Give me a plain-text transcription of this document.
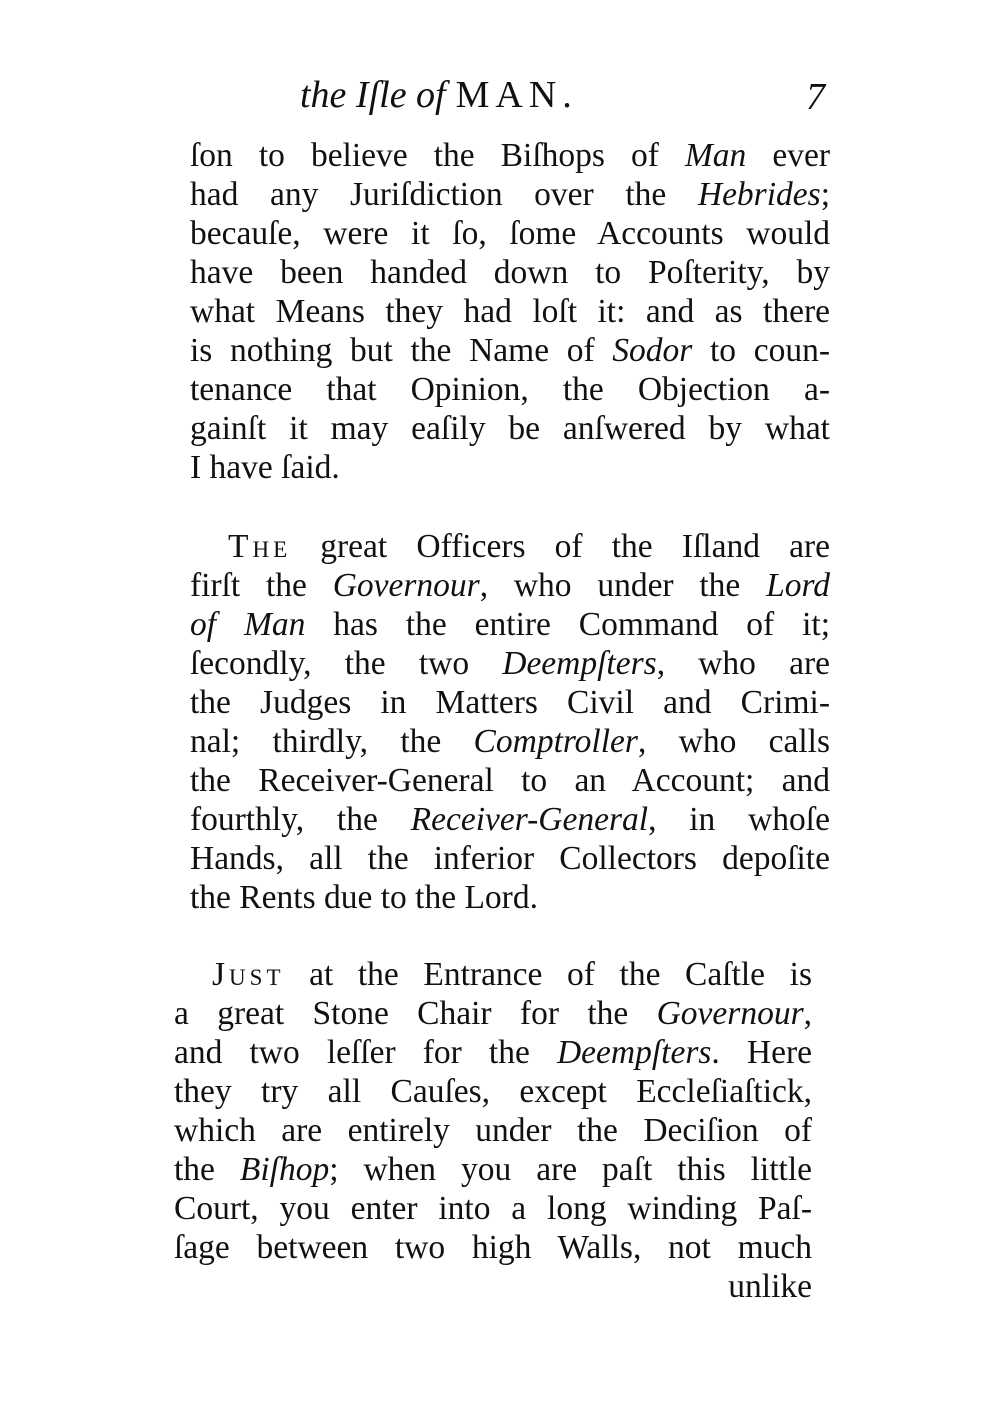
the Iſle of MAN.	7
ſon to believe the Biſhops of Man ever
had any Juriſdiction over the Hebrides;
becauſe, were it ſo, ſome Accounts would
have been handed down to Poſterity, by
what Means they had loſt it: and as there
is nothing but the Name of Sodor to coun-
tenance that Opinion, the Objection a-
gainſt it may eaſily be anſwered by what
I have ſaid.
The great Officers of the Iſland are
firſt the Governour, who under the Lord
of Man has the entire Command of it;
ſecondly, the two Deempſters, who are
the Judges in Matters Civil and Crimi-
nal; thirdly, the Comptroller, who calls
the Receiver-General to an Account; and
fourthly, the Receiver-General, in whoſe
Hands, all the inferior Collectors depoſite
the Rents due to the Lord.
Just at the Entrance of the Caſtle is
a great Stone Chair for the Governour,
and two leſſer for the Deempſters. Here
they try all Cauſes, except Eccleſiaſtick,
which are entirely under the Deciſion of
the Biſhop; when you are paſt this little
Court, you enter into a long winding Paſ-
ſage between two high Walls, not much
unlike
